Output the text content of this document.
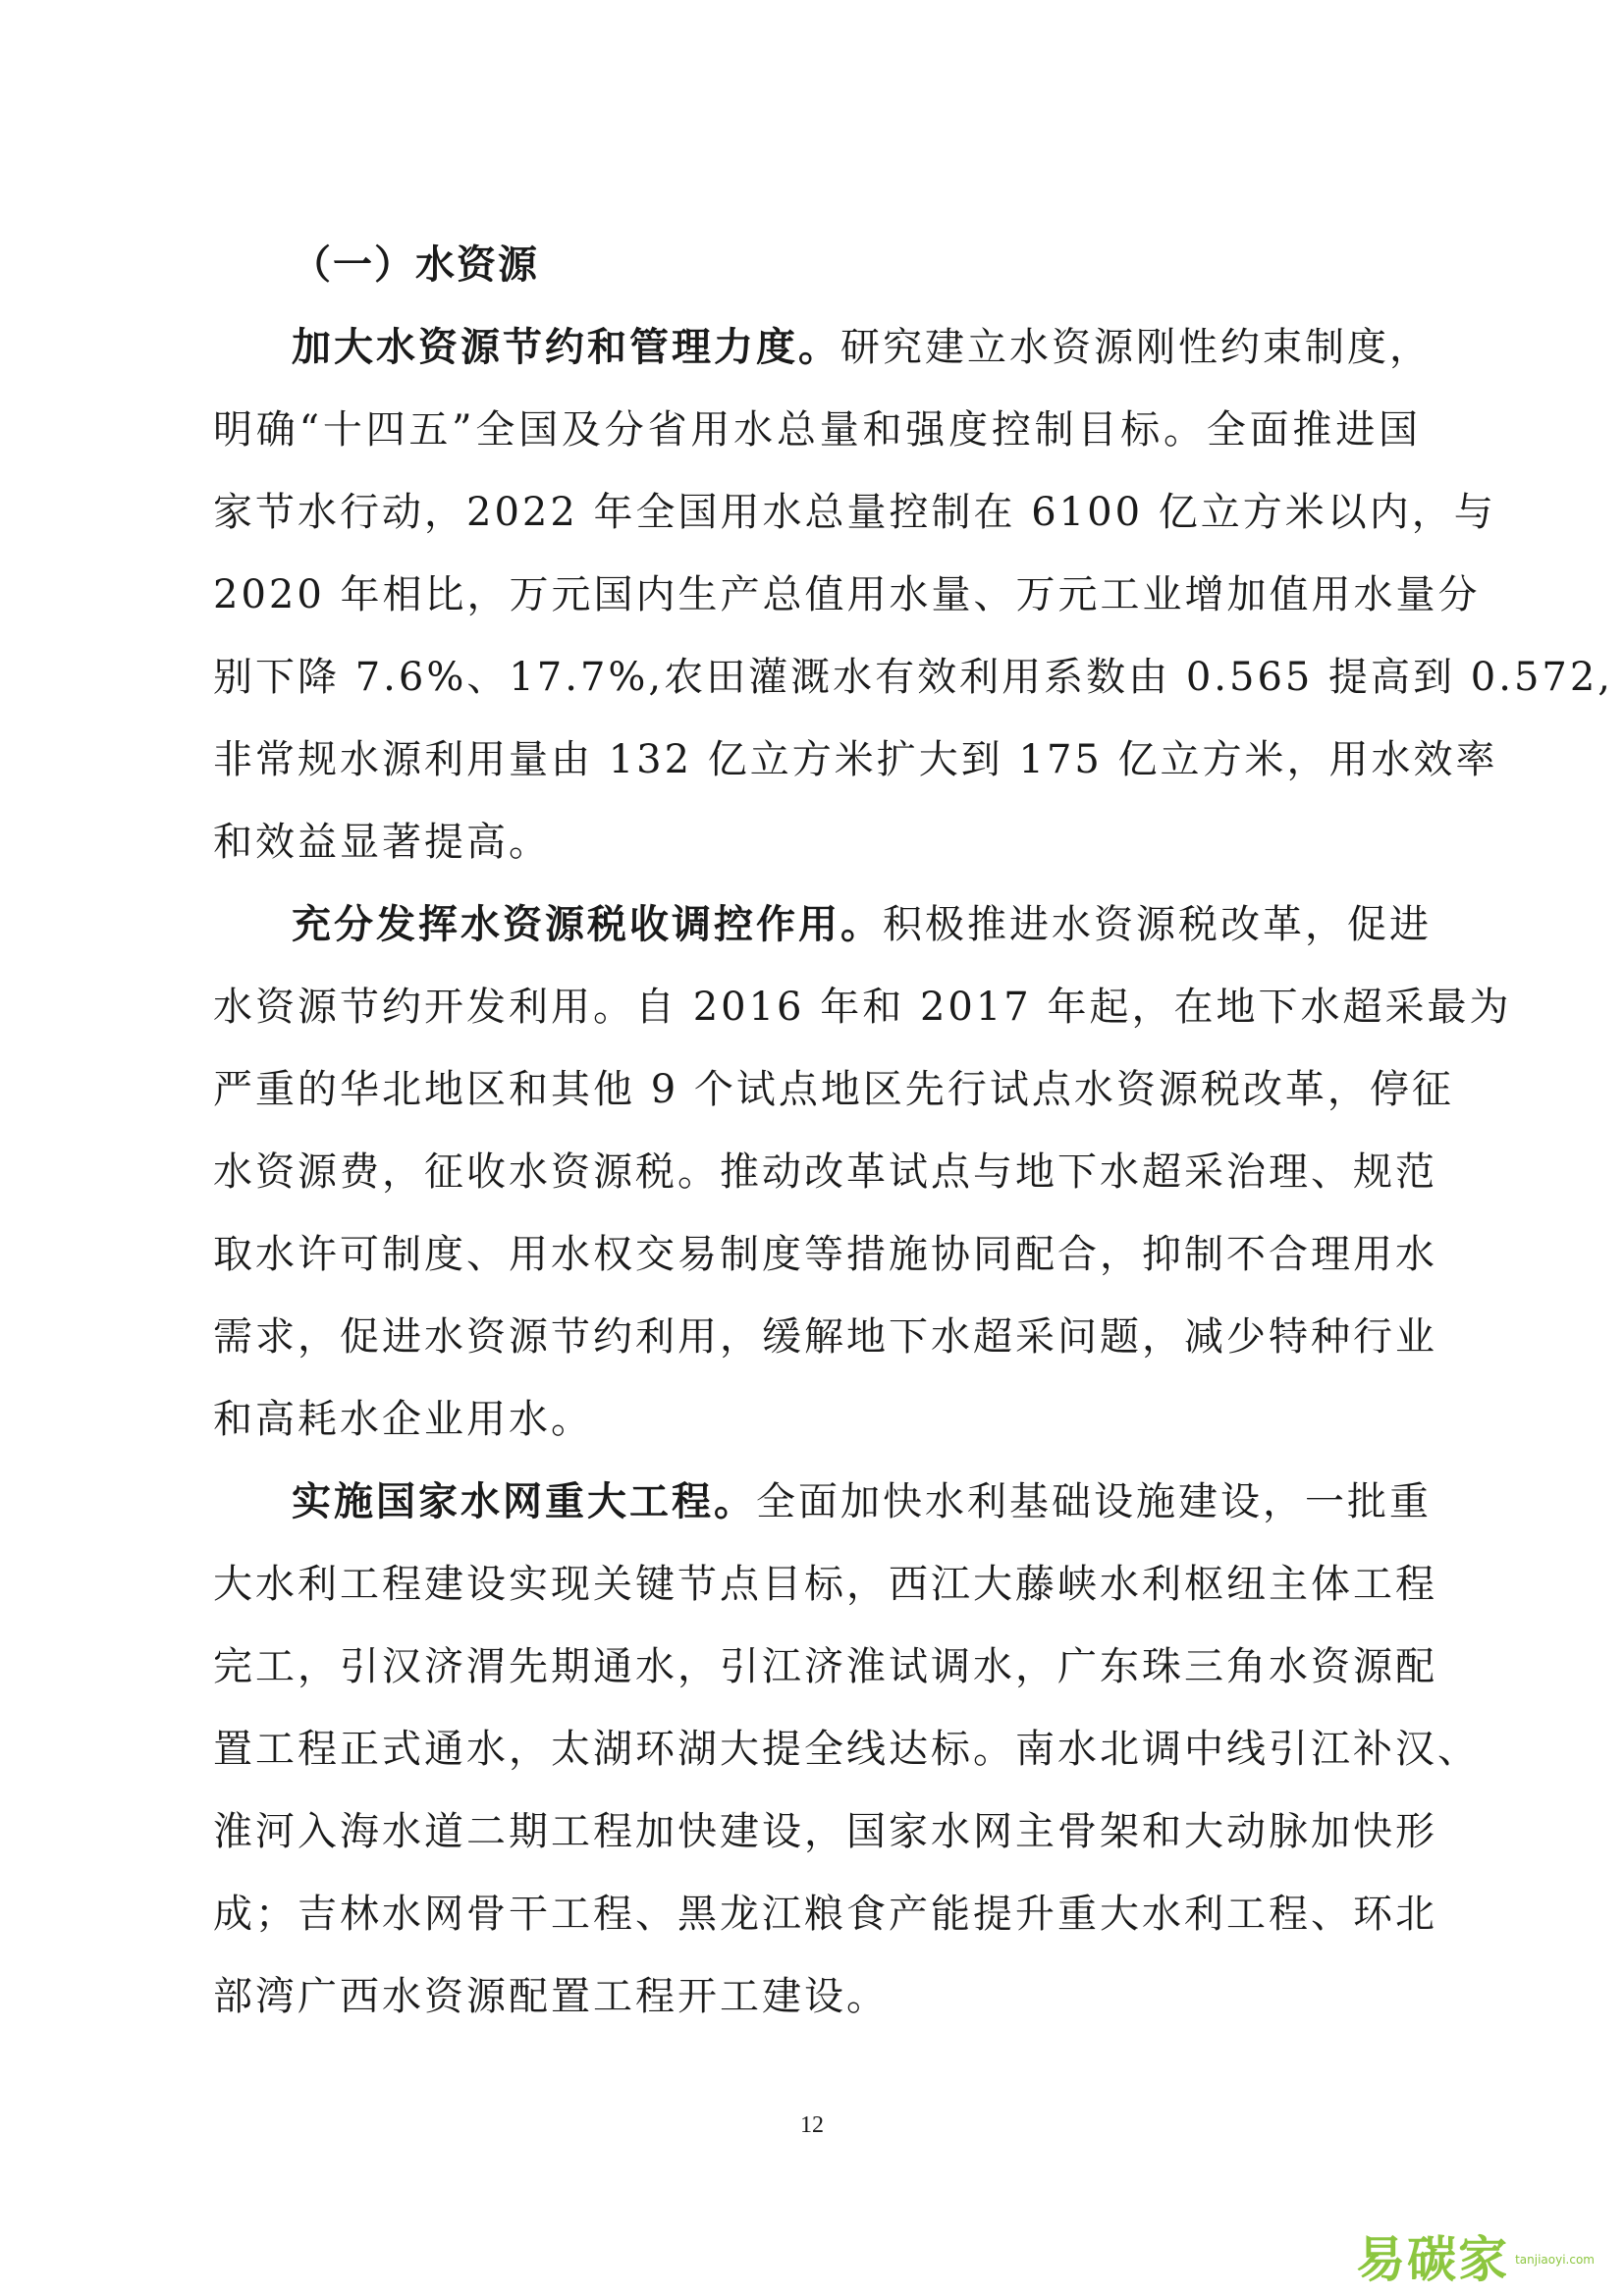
（一）水资源
加大水资源节约和管理力度。研究建立水资源刚性约束制度，
明确“十四五”全国及分省用水总量和强度控制目标。全面推进国
家节水行动，2022 年全国用水总量控制在 6100 亿立方米以内，与
2020 年相比，万元国内生产总值用水量、万元工业增加值用水量分
别下降 7.6%、17.7%,农田灌溉水有效利用系数由 0.565 提高到 0.572,
非常规水源利用量由 132 亿立方米扩大到 175 亿立方米，用水效率
和效益显著提高。
充分发挥水资源税收调控作用。积极推进水资源税改革，促进
水资源节约开发利用。自 2016 年和 2017 年起，在地下水超采最为
严重的华北地区和其他 9 个试点地区先行试点水资源税改革，停征
水资源费，征收水资源税。推动改革试点与地下水超采治理、规范
取水许可制度、用水权交易制度等措施协同配合，抑制不合理用水
需求，促进水资源节约利用，缓解地下水超采问题，减少特种行业
和高耗水企业用水。
实施国家水网重大工程。全面加快水利基础设施建设，一批重
大水利工程建设实现关键节点目标，西江大藤峡水利枢纽主体工程
完工，引汉济渭先期通水，引江济淮试调水，广东珠三角水资源配
置工程正式通水，太湖环湖大提全线达标。南水北调中线引江补汉、
淮河入海水道二期工程加快建设，国家水网主骨架和大动脉加快形
成；吉林水网骨干工程、黑龙江粮食产能提升重大水利工程、环北
部湾广西水资源配置工程开工建设。
12
易碳家 tanjiaoyi.com
